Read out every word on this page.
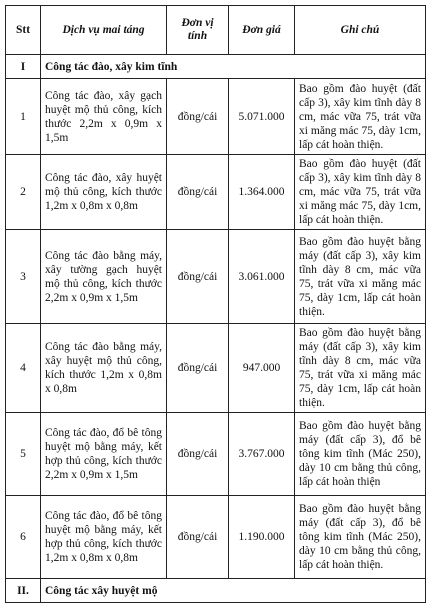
Stt	Dịch vụ mai táng	Đơn vị tính	Đơn giá	Ghi chú
I	Công tác đào, xây kim tĩnh			
1	Công tác đào, xây gạch huyệt mộ thủ công, kích thước 2,2m x 0,9m x 1,5m	đồng/cái	5.071.000	Bao gồm đào huyệt (đất cấp 3), xây kim tĩnh dày 8 cm, mác vữa 75, trát vữa xi măng mác 75, dày 1cm, lấp cát hoàn thiện.
2	Công tác đào, xây huyệt mộ thủ công, kích thước 1,2m x 0,8m x 0,8m	đồng/cái	1.364.000	Bao gồm đào huyệt (đất cấp 3), xây kim tĩnh dày 8 cm, mác vữa 75, trát vữa xi măng mác 75, dày 1cm, lấp cát hoàn thiện.
3	Công tác đào bằng máy, xây tường gạch huyệt mộ thủ công, kích thước 2,2m x 0,9m x 1,5m	đồng/cái	3.061.000	Bao gồm đào huyệt bằng máy (đất cấp 3), xây kim tĩnh dày 8 cm, mác vữa 75, trát vữa xi măng mác 75, dày 1cm, lấp cát hoàn thiện.
4	Công tác đào bằng máy, xây huyệt mộ thủ công, kích thước 1,2m x 0,8m x 0,8m	đồng/cái	947.000	Bao gồm đào huyệt bằng máy (đất cấp 3), xây kim tĩnh dày 8 cm, mác vữa 75, trát vữa xi măng mác 75, dày 1cm, lấp cát hoàn thiện.
5	Công tác đào, đổ bê tông huyệt mộ bằng máy, kết hợp thủ công, kích thước 2,2m x 0,9m x 1,5m	đồng/cái	3.767.000	Bao gồm đào huyệt bằng máy (đất cấp 3), đổ bê tông kim tĩnh (Mác 250), dày 10 cm bằng thủ công, lấp cát hoàn thiện
6	Công tác đào, đổ bê tông huyệt mộ bằng máy, kết hợp thủ công, kích thước 1,2m x 0,8m x 0,8m	đồng/cái	1.190.000	Bao gồm đào huyệt bằng máy (đất cấp 3), đổ bê tông kim tĩnh (Mác 250), dày 10 cm bằng thủ công, lấp cát hoàn thiện.
II.	Công tác xây huyệt mộ			
